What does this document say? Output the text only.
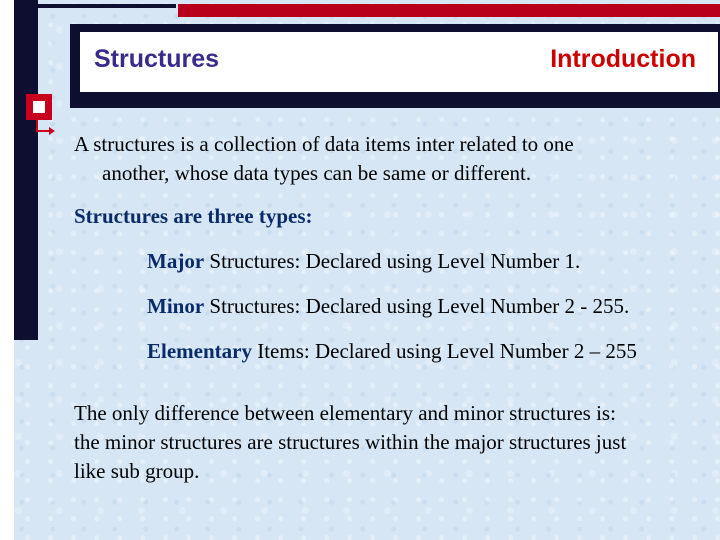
Structures	Introduction

A structures is a collection of data items inter related to one
another, whose data types can be same or different.

Structures are three types:

Major Structures: Declared using Level Number 1.

Minor Structures: Declared using Level Number 2 - 255.

Elementary Items: Declared using Level Number 2 – 255

The only difference between elementary and minor structures is:
the minor structures are structures within the major structures just
like sub group.
